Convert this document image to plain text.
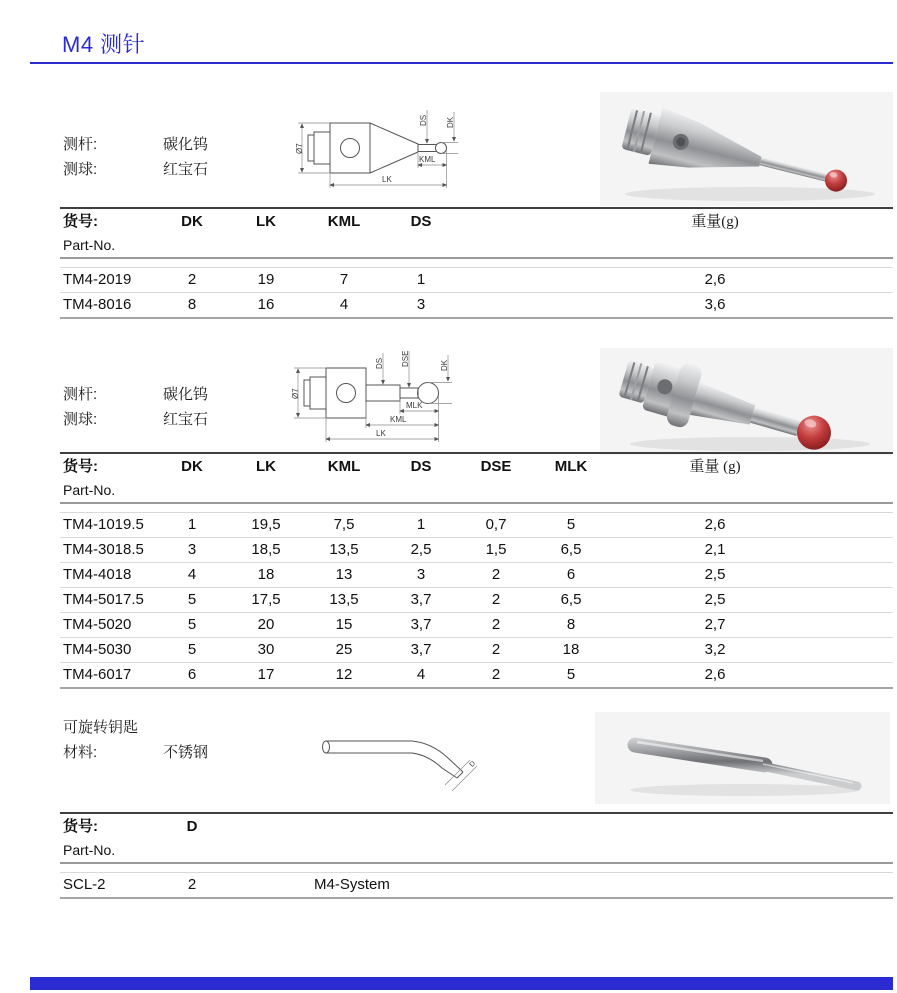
M4 测针
测杆:	碳化钨
测球:	红宝石
Ø7
DS DK
KML
LK
货号:	DK	LK	KML	DS	重量(g)
Part-No.
TM4-2019	2	19	7	1	2,6
TM4-8016	8	16	4	3	3,6
测杆:	碳化钨
测球:	红宝石
Ø7
DS DSE	DK
MLK
KML
LK
货号:	DK	LK	KML	DS	DSE	MLK	重量 (g)
Part-No.
TM4-1019.5	1	19,5	7,5	1	0,7	5	2,6
TM4-3018.5	3	18,5	13,5	2,5	1,5	6,5	2,1
TM4-4018	4	18	13	3	2	6	2,5
TM4-5017.5	5	17,5	13,5	3,7	2	6,5	2,5
TM4-5020	5	20	15	3,7	2	8	2,7
TM4-5030	5	30	25	3,7	2	18	3,2
TM4-6017	6	17	12	4	2	5	2,6
可旋转钥匙
材料:	不锈钢
D
货号:	D
Part-No.
SCL-2	2	M4-System
